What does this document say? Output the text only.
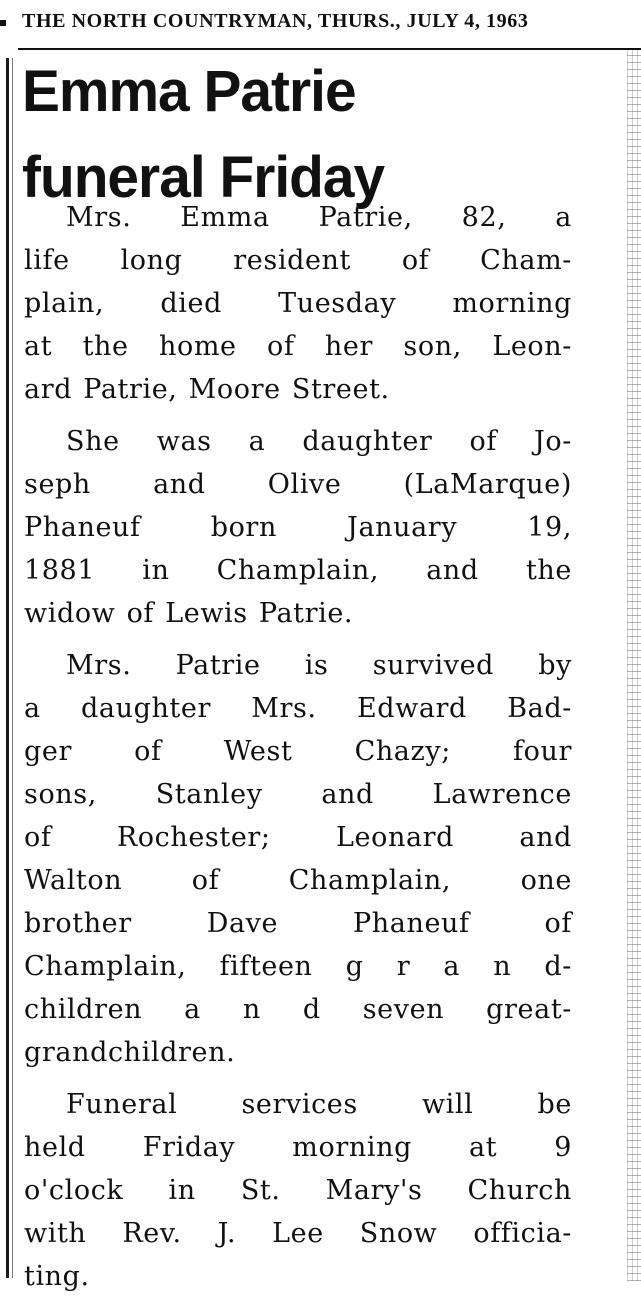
THE NORTH COUNTRYMAN, THURS., JULY 4, 1963
Emma Patrie
funeral Friday

Mrs. Emma Patrie, 82, a
life long resident of Cham-
plain, died Tuesday morning
at the home of her son, Leon-
ard Patrie, Moore Street.

She was a daughter of Jo-
seph and Olive (LaMarque)
Phaneuf born January 19,
1881 in Champlain, and the
widow of Lewis Patrie.

Mrs. Patrie is survived by
a daughter Mrs. Edward Bad-
ger of West Chazy; four
sons, Stanley and Lawrence
of Rochester; Leonard and
Walton of Champlain, one
brother Dave Phaneuf of
Champlain, fifteen g r a n d-
children a n d seven great-
grandchildren.

Funeral services will be
held Friday morning at 9
o'clock in St. Mary's Church
with Rev. J. Lee Snow officia-
ting.
